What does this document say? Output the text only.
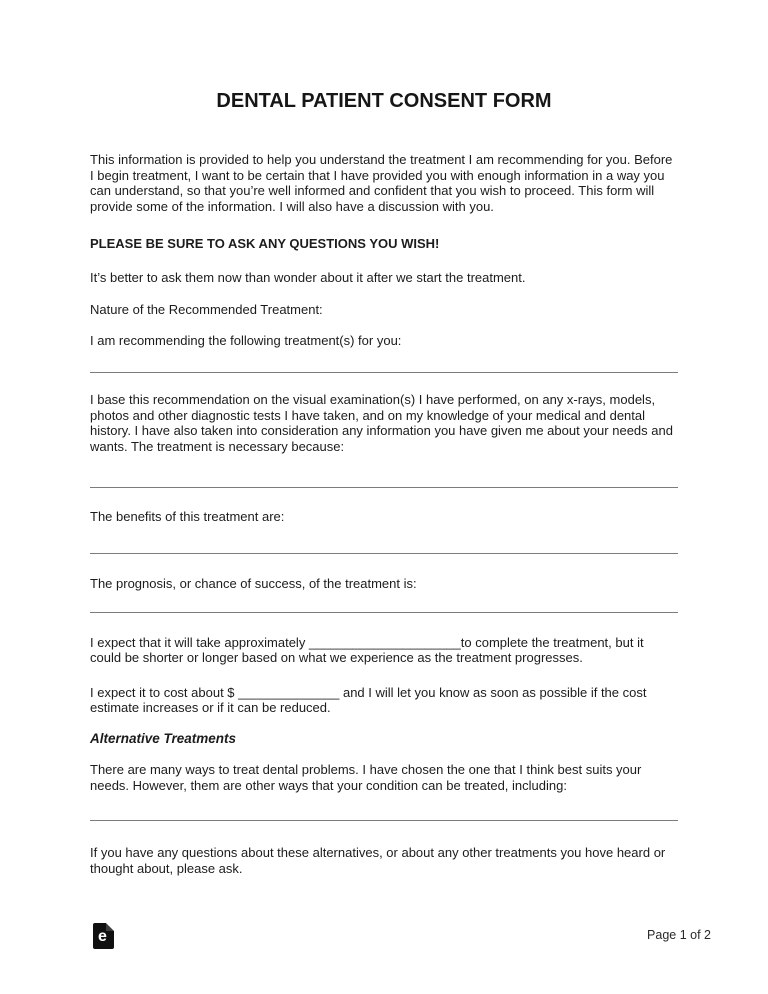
DENTAL PATIENT CONSENT FORM

This information is provided to help you understand the treatment I am recommending for you. Before I begin treatment, I want to be certain that I have provided you with enough information in a way you can understand, so that you’re well informed and confident that you wish to proceed. This form will provide some of the information. I will also have a discussion with you.

PLEASE BE SURE TO ASK ANY QUESTIONS YOU WISH!

It’s better to ask them now than wonder about it after we start the treatment.

Nature of the Recommended Treatment:

I am recommending the following treatment(s) for you:

I base this recommendation on the visual examination(s) I have performed, on any x-rays, models, photos and other diagnostic tests I have taken, and on my knowledge of your medical and dental history. I have also taken into consideration any information you have given me about your needs and wants. The treatment is necessary because:

The benefits of this treatment are:

The prognosis, or chance of success, of the treatment is:

I expect that it will take approximately _____________________to complete the treatment, but it could be shorter or longer based on what we experience as the treatment progresses.

I expect it to cost about $ ______________ and I will let you know as soon as possible if the cost estimate increases or if it can be reduced.

Alternative Treatments

There are many ways to treat dental problems. I have chosen the one that I think best suits your needs. However, them are other ways that your condition can be treated, including:

If you have any questions about these alternatives, or about any other treatments you hove heard or thought about, please ask.

e	Page 1 of 2
